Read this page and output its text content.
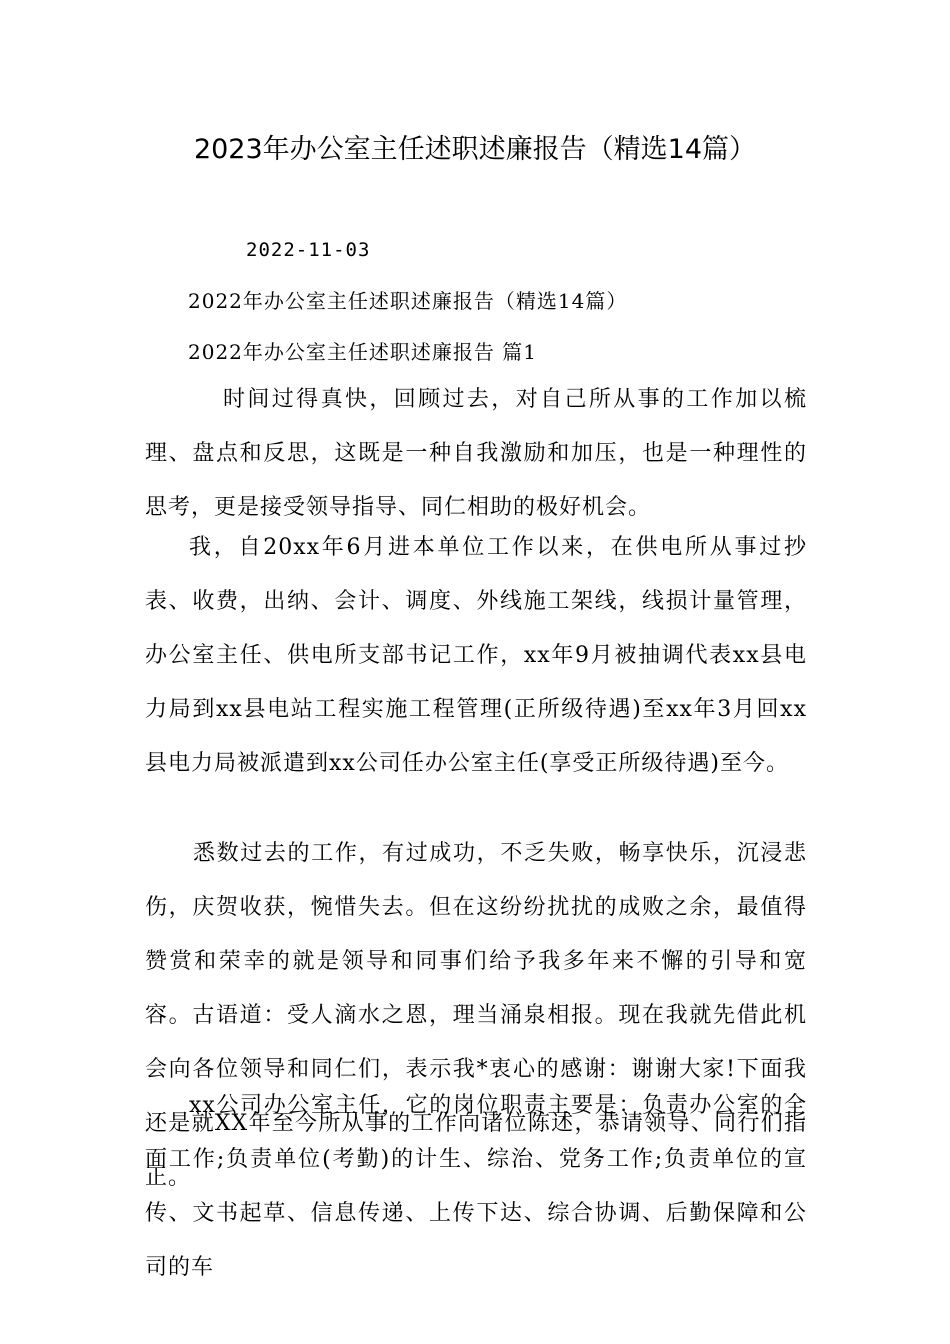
2023年办公室主任述职述廉报告（精选14篇）
2022-11-03
2022年办公室主任述职述廉报告（精选14篇）
2022年办公室主任述职述廉报告 篇1
时间过得真快，回顾过去，对自己所从事的工作加以梳理、盘点和反思，这既是一种自我激励和加压，也是一种理性的思考，更是接受领导指导、同仁相助的极好机会。
我，自20xx年6月进本单位工作以来，在供电所从事过抄表、收费，出纳、会计、调度、外线施工架线，线损计量管理，办公室主任、供电所支部书记工作，xx年9月被抽调代表xx县电力局到xx县电站工程实施工程管理(正所级待遇)至xx年3月回xx县电力局被派遣到xx公司任办公室主任(享受正所级待遇)至今。
悉数过去的工作，有过成功，不乏失败，畅享快乐，沉浸悲伤，庆贺收获，惋惜失去。但在这纷纷扰扰的成败之余，最值得赞赏和荣幸的就是领导和同事们给予我多年来不懈的引导和宽容。古语道：受人滴水之恩，理当涌泉相报。现在我就先借此机会向各位领导和同仁们，表示我*衷心的感谢：谢谢大家!下面我还是就XX年至今所从事的工作向诸位陈述，恭请领导、同行们指正。
xx公司办公室主任，它的岗位职责主要是：负责办公室的全面工作;负责单位(考勤)的计生、综治、党务工作;负责单位的宣传、文书起草、信息传递、上传下达、综合协调、后勤保障和公司的车
